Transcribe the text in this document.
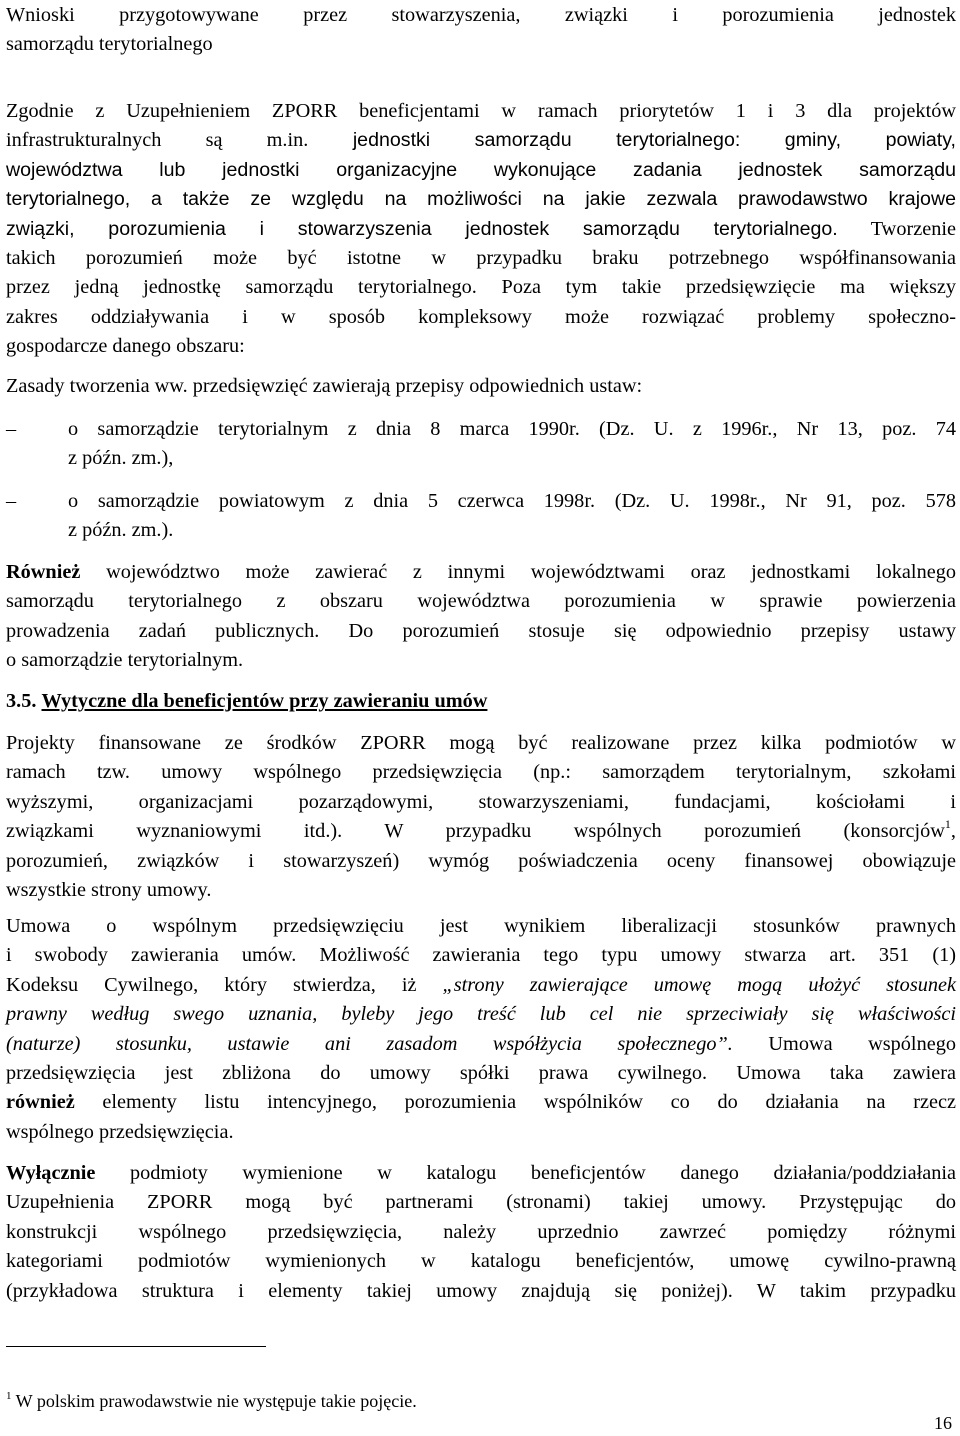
Wnioski przygotowywane przez stowarzyszenia, związki i porozumienia jednostek
samorządu terytorialnego
Zgodnie z Uzupełnieniem ZPORR beneficjentami w ramach priorytetów 1 i 3 dla projektów
infrastrukturalnych są m.in. jednostki samorządu terytorialnego: gminy, powiaty,
województwa lub jednostki organizacyjne wykonujące zadania jednostek samorządu
terytorialnego, a także ze względu na możliwości na jakie zezwala prawodawstwo krajowe
związki, porozumienia i stowarzyszenia jednostek samorządu terytorialnego. Tworzenie
takich porozumień może być istotne w przypadku braku potrzebnego współfinansowania
przez jedną jednostkę samorządu terytorialnego. Poza tym takie przedsięwzięcie ma większy
zakres oddziaływania i w sposób kompleksowy może rozwiązać problemy społeczno-
gospodarcze danego obszaru:
Zasady tworzenia ww. przedsięwzięć zawierają przepisy odpowiednich ustaw:
–	o samorządzie terytorialnym z dnia 8 marca 1990r. (Dz. U. z 1996r., Nr 13, poz. 74
z późn. zm.),
–	o samorządzie powiatowym z dnia 5 czerwca 1998r. (Dz. U. 1998r., Nr 91, poz. 578
z późn. zm.).
Również województwo może zawierać z innymi województwami oraz jednostkami lokalnego
samorządu terytorialnego z obszaru województwa porozumienia w sprawie powierzenia
prowadzenia zadań publicznych. Do porozumień stosuje się odpowiednio przepisy ustawy
o samorządzie terytorialnym.
3.5. Wytyczne dla beneficjentów przy zawieraniu umów
Projekty finansowane ze środków ZPORR mogą być realizowane przez kilka podmiotów w
ramach tzw. umowy wspólnego przedsięwzięcia (np.: samorządem terytorialnym, szkołami
wyższymi, organizacjami pozarządowymi, stowarzyszeniami, fundacjami, kościołami i
związkami wyznaniowymi itd.). W przypadku wspólnych porozumień (konsorcjów$^1$,
porozumień, związków i stowarzyszeń) wymóg poświadczenia oceny finansowej obowiązuje
wszystkie strony umowy.
Umowa o wspólnym przedsięwzięciu jest wynikiem liberalizacji stosunków prawnych
i swobody zawierania umów. Możliwość zawierania tego typu umowy stwarza art. 351 (1)
Kodeksu Cywilnego, który stwierdza, iż „strony zawierające umowę mogą ułożyć stosunek
prawny według swego uznania, byleby jego treść lub cel nie sprzeciwiały się właściwości
(naturze) stosunku, ustawie ani zasadom współżycia społecznego”. Umowa wspólnego
przedsięwzięcia jest zbliżona do umowy spółki prawa cywilnego. Umowa taka zawiera
również elementy listu intencyjnego, porozumienia wspólników co do działania na rzecz
wspólnego przedsięwzięcia.
Wyłącznie podmioty wymienione w katalogu beneficjentów danego działania/poddziałania
Uzupełnienia ZPORR mogą być partnerami (stronami) takiej umowy. Przystępując do
konstrukcji wspólnego przedsięwzięcia, należy uprzednio zawrzeć pomiędzy różnymi
kategoriami podmiotów wymienionych w katalogu beneficjentów, umowę cywilno-prawną
(przykładowa struktura i elementy takiej umowy znajdują się poniżej). W takim przypadku
$^1$ W polskim prawodawstwie nie występuje takie pojęcie.
16
